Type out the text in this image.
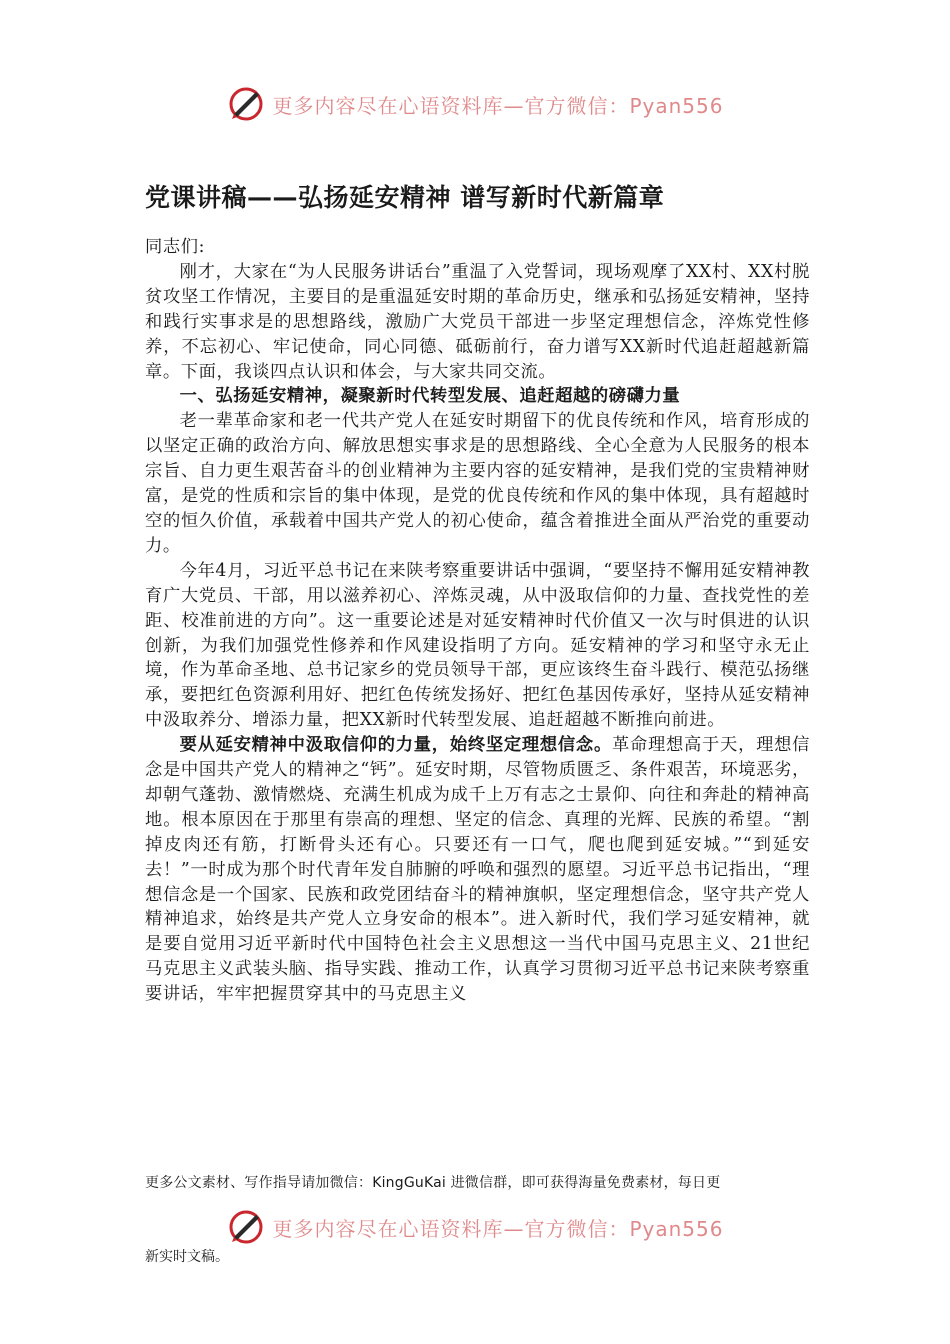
更多内容尽在心语资料库—官方微信：Pyan556
党课讲稿——弘扬延安精神 谱写新时代新篇章

同志们:

刚才，大家在“为人民服务讲话台”重温了入党誓词，现场观摩了XX村、XX村脱贫攻坚工作情况，主要目的是重温延安时期的革命历史，继承和弘扬延安精神，坚持和践行实事求是的思想路线，激励广大党员干部进一步坚定理想信念，淬炼党性修养，不忘初心、牢记使命，同心同德、砥砺前行，奋力谱写XX新时代追赶超越新篇章。下面，我谈四点认识和体会，与大家共同交流。

一、弘扬延安精神，凝聚新时代转型发展、追赶超越的磅礴力量

老一辈革命家和老一代共产党人在延安时期留下的优良传统和作风，培育形成的以坚定正确的政治方向、解放思想实事求是的思想路线、全心全意为人民服务的根本宗旨、自力更生艰苦奋斗的创业精神为主要内容的延安精神，是我们党的宝贵精神财富，是党的性质和宗旨的集中体现，是党的优良传统和作风的集中体现，具有超越时空的恒久价值，承载着中国共产党人的初心使命，蕴含着推进全面从严治党的重要动力。

今年4月，习近平总书记在来陕考察重要讲话中强调，“要坚持不懈用延安精神教育广大党员、干部，用以滋养初心、淬炼灵魂，从中汲取信仰的力量、查找党性的差距、校准前进的方向”。这一重要论述是对延安精神时代价值又一次与时俱进的认识创新，为我们加强党性修养和作风建设指明了方向。延安精神的学习和坚守永无止境，作为革命圣地、总书记家乡的党员领导干部，更应该终生奋斗践行、模范弘扬继承，要把红色资源利用好、把红色传统发扬好、把红色基因传承好，坚持从延安精神中汲取养分、增添力量，把XX新时代转型发展、追赶超越不断推向前进。

要从延安精神中汲取信仰的力量，始终坚定理想信念。革命理想高于天，理想信念是中国共产党人的精神之“钙”。延安时期，尽管物质匮乏、条件艰苦，环境恶劣，却朝气蓬勃、激情燃烧、充满生机成为成千上万有志之士景仰、向往和奔赴的精神高地。根本原因在于那里有崇高的理想、坚定的信念、真理的光辉、民族的希望。“割掉皮肉还有筋，打断骨头还有心。只要还有一口气，爬也爬到延安城。”“到延安去！”一时成为那个时代青年发自肺腑的呼唤和强烈的愿望。习近平总书记指出，“理想信念是一个国家、民族和政党团结奋斗的精神旗帜，坚定理想信念，坚守共产党人精神追求，始终是共产党人立身安命的根本”。进入新时代，我们学习延安精神，就是要自觉用习近平新时代中国特色社会主义思想这一当代中国马克思主义、21世纪马克思主义武装头脑、指导实践、推动工作，认真学习贯彻习近平总书记来陕考察重要讲话，牢牢把握贯穿其中的马克思主义

更多公文素材、写作指导请加微信：KingGuKai 进微信群，即可获得海量免费素材，每日更
更多内容尽在心语资料库—官方微信：Pyan556
新实时文稿。
